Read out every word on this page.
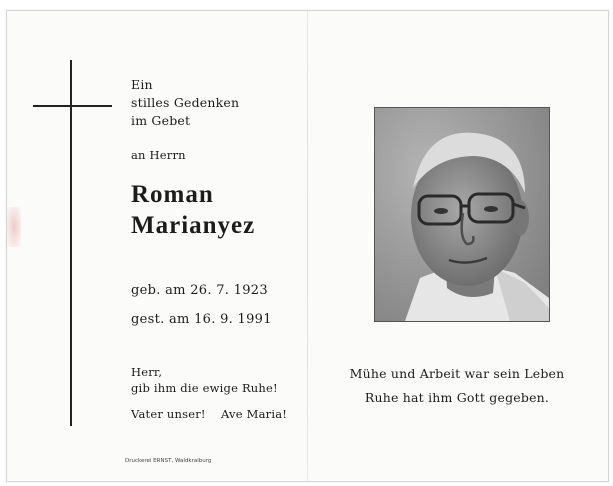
Ein
stilles Gedenken
im Gebet
an Herrn
Roman
Marianyez
geb. am 26. 7. 1923
gest. am 16. 9. 1991
Herr,
gib ihm die ewige Ruhe!
Vater unser! Ave Maria!
Druckerei ERNST, Waldkraiburg
Mühe und Arbeit war sein Leben
Ruhe hat ihm Gott gegeben.
